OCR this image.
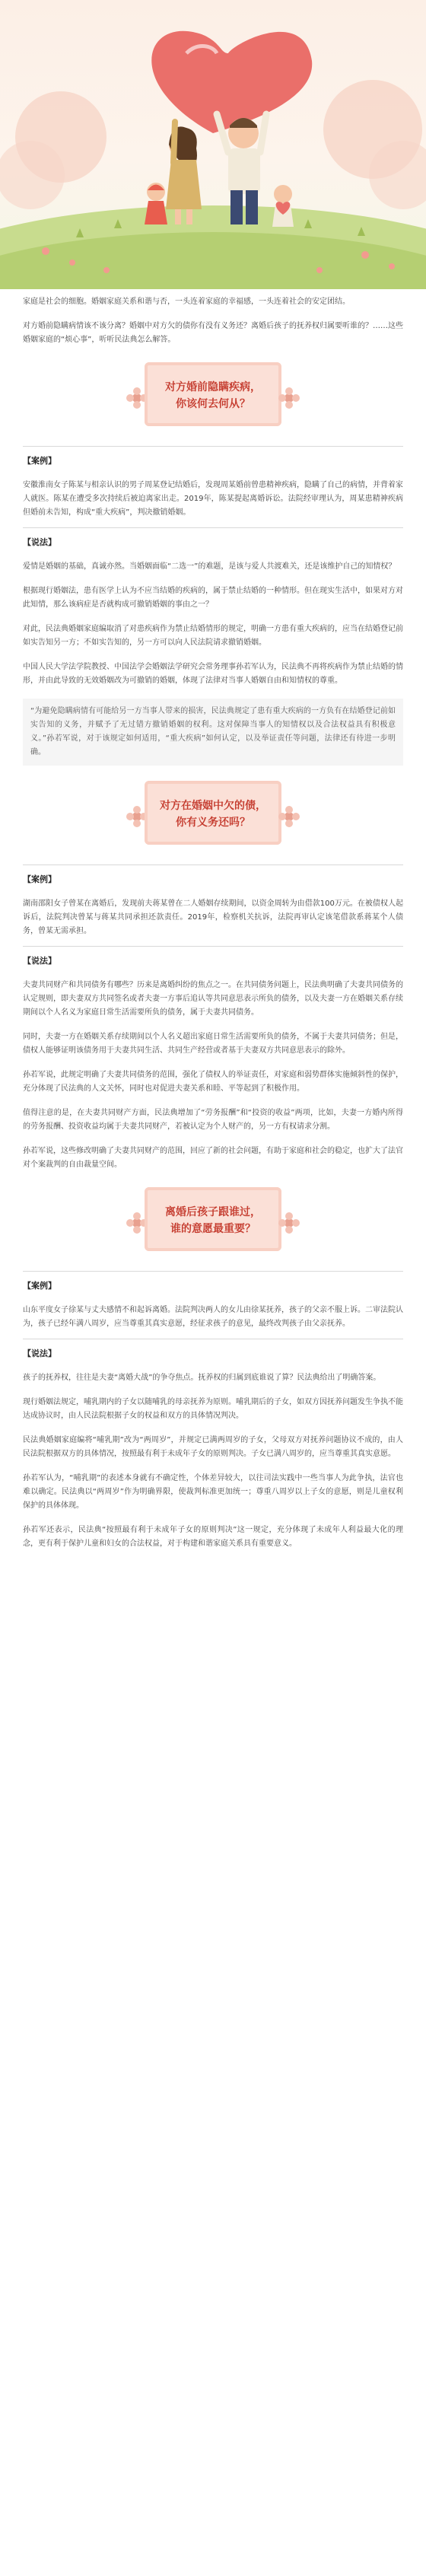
家庭是社会的细胞。婚姻家庭关系和谐与否，一头连着家庭的幸福感，一头连着社会的安定团结。

对方婚前隐瞒病情该不该分离？婚姻中对方欠的债你有没有义务还？离婚后孩子的抚养权归属要听谁的？……这些婚姻家庭的“烦心事”，听听民法典怎么解答。

对方婚前隐瞒疾病，
你该何去何从？

【案例】

安徽淮南女子陈某与相亲认识的男子周某登记结婚后，发现周某婚前曾患精神疾病，隐瞒了自己的病情，并背着家人就医。陈某在遭受多次持续后被迫离家出走。2019年，陈某提起离婚诉讼。法院经审理认为，周某患精神疾病但婚前未告知，构成“重大疾病”，判决撤销婚姻。

【说法】

爱情是婚姻的基础，真诚亦然。当婚姻面临“二选一”的难题，是该与爱人共渡难关，还是该维护自己的知情权？

根据现行婚姻法，患有医学上认为不应当结婚的疾病的，属于禁止结婚的一种情形。但在现实生活中，如果对方对此知情，那么该病症是否就构成可撤销婚姻的事由之一？

对此，民法典婚姻家庭编取消了对患疾病作为禁止结婚情形的规定，明确一方患有重大疾病的，应当在结婚登记前如实告知另一方；不如实告知的，另一方可以向人民法院请求撤销婚姻。

中国人民大学法学院教授、中国法学会婚姻法学研究会常务理事孙若军认为，民法典不再将疾病作为禁止结婚的情形，并由此导致的无效婚姻改为可撤销的婚姻，体现了法律对当事人婚姻自由和知情权的尊重。

“为避免隐瞒病情有可能给另一方当事人带来的损害，民法典规定了患有重大疾病的一方负有在结婚登记前如实告知的义务，并赋予了无过错方撤销婚姻的权利。这对保障当事人的知情权以及合法权益具有积极意义。”孙若军说，对于该规定如何适用，“重大疾病”如何认定，以及举证责任等问题，法律还有待进一步明确。

对方在婚姻中欠的债，
你有义务还吗？

【案例】

湖南邵阳女子曾某在离婚后，发现前夫蒋某曾在二人婚姻存续期间，以资金周转为由借款100万元。在被债权人起诉后，法院判决曾某与蒋某共同承担还款责任。2019年，检察机关抗诉，法院再审认定该笔借款系蒋某个人债务，曾某无需承担。

【说法】

夫妻共同财产和共同债务有哪些？历来是离婚纠纷的焦点之一。在共同债务问题上，民法典明确了夫妻共同债务的认定规则，即夫妻双方共同签名或者夫妻一方事后追认等共同意思表示所负的债务，以及夫妻一方在婚姻关系存续期间以个人名义为家庭日常生活需要所负的债务，属于夫妻共同债务。

同时，夫妻一方在婚姻关系存续期间以个人名义超出家庭日常生活需要所负的债务，不属于夫妻共同债务；但是，债权人能够证明该债务用于夫妻共同生活、共同生产经营或者基于夫妻双方共同意思表示的除外。

孙若军说，此规定明确了夫妻共同债务的范围，强化了债权人的举证责任，对家庭和弱势群体实施倾斜性的保护，充分体现了民法典的人文关怀，同时也对促进夫妻关系和睦、平等起到了积极作用。

值得注意的是，在夫妻共同财产方面，民法典增加了“劳务报酬”和“投资的收益”两项，比如，夫妻一方婚内所得的劳务报酬、投资收益均属于夫妻共同财产，若被认定为个人财产的，另一方有权请求分割。

孙若军说，这些修改明确了夫妻共同财产的范围，回应了新的社会问题，有助于家庭和社会的稳定，也扩大了法官对个案裁判的自由裁量空间。

离婚后孩子跟谁过，
谁的意愿最重要？

【案例】

山东平度女子徐某与丈夫感情不和起诉离婚。法院判决两人的女儿由徐某抚养，孩子的父亲不服上诉。二审法院认为，孩子已经年满八周岁，应当尊重其真实意愿，经征求孩子的意见，最终改判孩子由父亲抚养。

【说法】

孩子的抚养权，往往是夫妻“离婚大战”的争夺焦点。抚养权的归属到底谁说了算？民法典给出了明确答案。

现行婚姻法规定，哺乳期内的子女以随哺乳的母亲抚养为原则。哺乳期后的子女，如双方因抚养问题发生争执不能达成协议时，由人民法院根据子女的权益和双方的具体情况判决。

民法典婚姻家庭编将“哺乳期”改为“两周岁”，并规定已满两周岁的子女，父母双方对抚养问题协议不成的，由人民法院根据双方的具体情况，按照最有利于未成年子女的原则判决。子女已满八周岁的，应当尊重其真实意愿。

孙若军认为，“哺乳期”的表述本身就有不确定性，个体差异较大，以往司法实践中一些当事人为此争执，法官也难以确定。民法典以“两周岁”作为明确界限，使裁判标准更加统一；尊重八周岁以上子女的意愿，则是儿童权利保护的具体体现。

孙若军还表示，民法典“按照最有利于未成年子女的原则判决”这一规定，充分体现了未成年人利益最大化的理念，更有利于保护儿童和妇女的合法权益，对于构建和谐家庭关系具有重要意义。
